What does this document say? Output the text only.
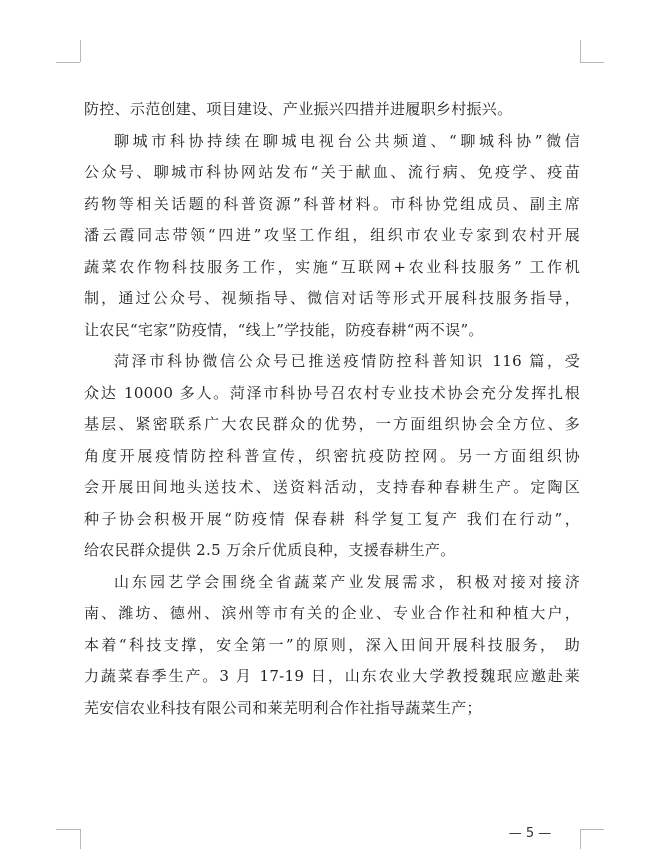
防控、示范创建、项目建设、产业振兴四措并进履职乡村振兴。
聊城市科协持续在聊城电视台公共频道、“聊城科协”微信
公众号、聊城市科协网站发布“关于献血、流行病、免疫学、疫苗
药物等相关话题的科普资源”科普材料。市科协党组成员、副主席
潘云霞同志带领“四进”攻坚工作组，组织市农业专家到农村开展
蔬菜农作物科技服务工作，实施“互联网+农业科技服务” 工作机
制，通过公众号、视频指导、微信对话等形式开展科技服务指导，
让农民“宅家”防疫情，“线上”学技能，防疫春耕“两不误”。
菏泽市科协微信公众号已推送疫情防控科普知识 116 篇，受
众达 10000 多人。菏泽市科协号召农村专业技术协会充分发挥扎根
基层、紧密联系广大农民群众的优势，一方面组织协会全方位、多
角度开展疫情防控科普宣传，织密抗疫防控网。另一方面组织协
会开展田间地头送技术、送资料活动，支持春种春耕生产。定陶区
种子协会积极开展“防疫情 保春耕 科学复工复产 我们在行动”，
给农民群众提供 2.5 万余斤优质良种，支援春耕生产。
山东园艺学会围绕全省蔬菜产业发展需求，积极对接对接济
南、潍坊、德州、滨州等市有关的企业、专业合作社和种植大户，
本着“科技支撑，安全第一”的原则，深入田间开展科技服务， 助
力蔬菜春季生产。3 月 17-19 日，山东农业大学教授魏珉应邀赴莱
芜安信农业科技有限公司和莱芜明利合作社指导蔬菜生产；
— 5 —
